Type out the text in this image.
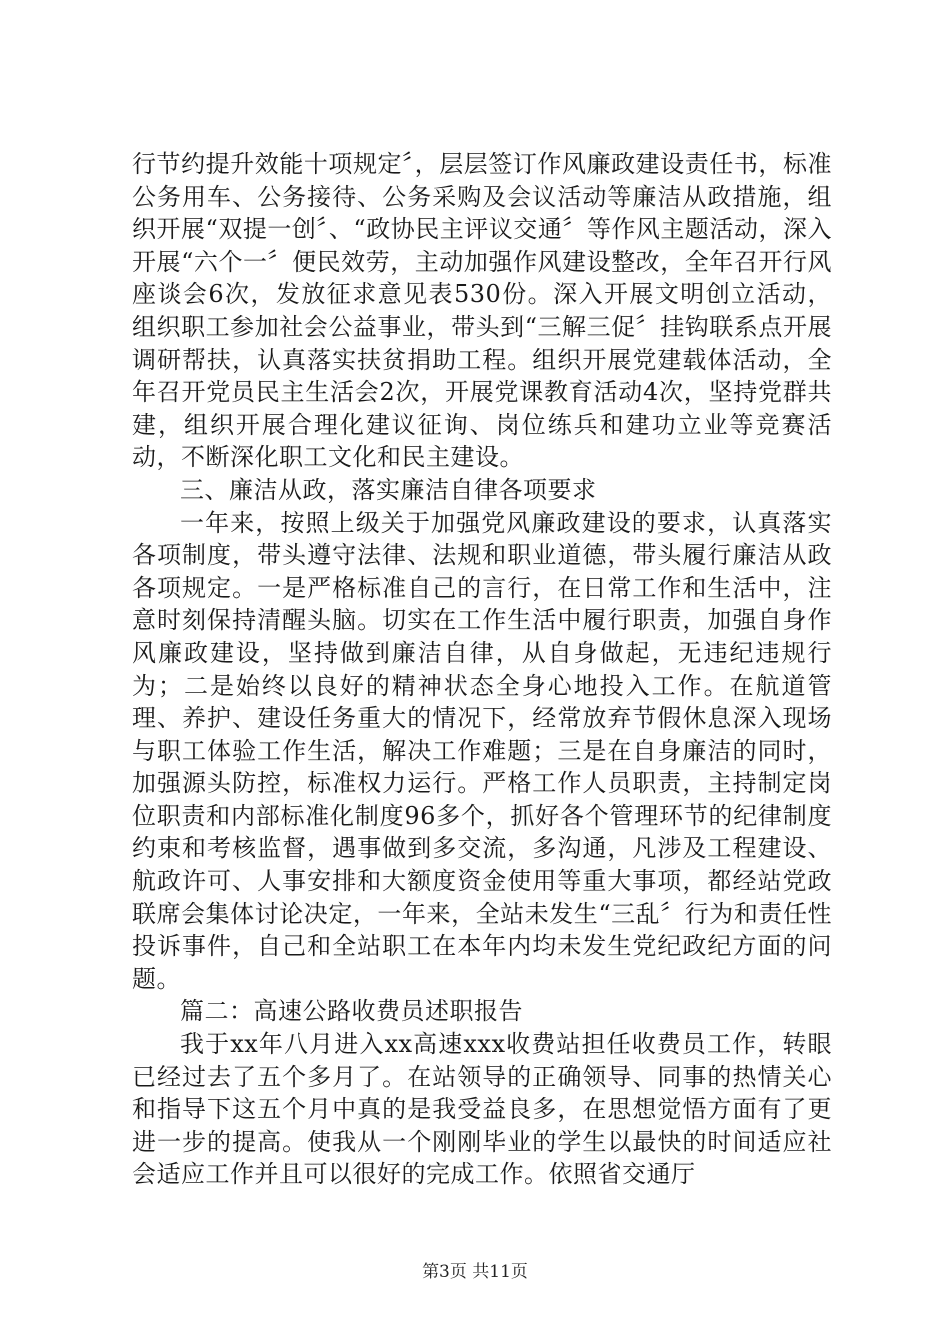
行节约提升效能十项规定〞，层层签订作风廉政建设责任书，标准公务用车、公务接待、公务采购及会议活动等廉洁从政措施，组织开展“双提一创〞、“政协民主评议交通〞等作风主题活动，深入开展“六个一〞便民效劳，主动加强作风建设整改，全年召开行风座谈会6次，发放征求意见表530份。深入开展文明创立活动，组织职工参加社会公益事业，带头到“三解三促〞挂钩联系点开展调研帮扶，认真落实扶贫捐助工程。组织开展党建载体活动，全年召开党员民主生活会2次，开展党课教育活动4次，坚持党群共建，组织开展合理化建议征询、岗位练兵和建功立业等竞赛活动，不断深化职工文化和民主建设。

三、廉洁从政，落实廉洁自律各项要求

一年来，按照上级关于加强党风廉政建设的要求，认真落实各项制度，带头遵守法律、法规和职业道德，带头履行廉洁从政各项规定。一是严格标准自己的言行，在日常工作和生活中，注意时刻保持清醒头脑。切实在工作生活中履行职责，加强自身作风廉政建设，坚持做到廉洁自律，从自身做起，无违纪违规行为；二是始终以良好的精神状态全身心地投入工作。在航道管理、养护、建设任务重大的情况下，经常放弃节假休息深入现场与职工体验工作生活，解决工作难题；三是在自身廉洁的同时，加强源头防控，标准权力运行。严格工作人员职责，主持制定岗位职责和内部标准化制度96多个，抓好各个管理环节的纪律制度约束和考核监督，遇事做到多交流，多沟通，凡涉及工程建设、航政许可、人事安排和大额度资金使用等重大事项，都经站党政联席会集体讨论决定，一年来，全站未发生“三乱〞行为和责任性投诉事件，自己和全站职工在本年内均未发生党纪政纪方面的问题。

篇二：高速公路收费员述职报告

我于xx年八月进入xx高速xxx收费站担任收费员工作，转眼已经过去了五个多月了。在站领导的正确领导、同事的热情关心和指导下这五个月中真的是我受益良多，在思想觉悟方面有了更进一步的提高。使我从一个刚刚毕业的学生以最快的时间适应社会适应工作并且可以很好的完成工作。依照省交通厅

第3页 共11页
